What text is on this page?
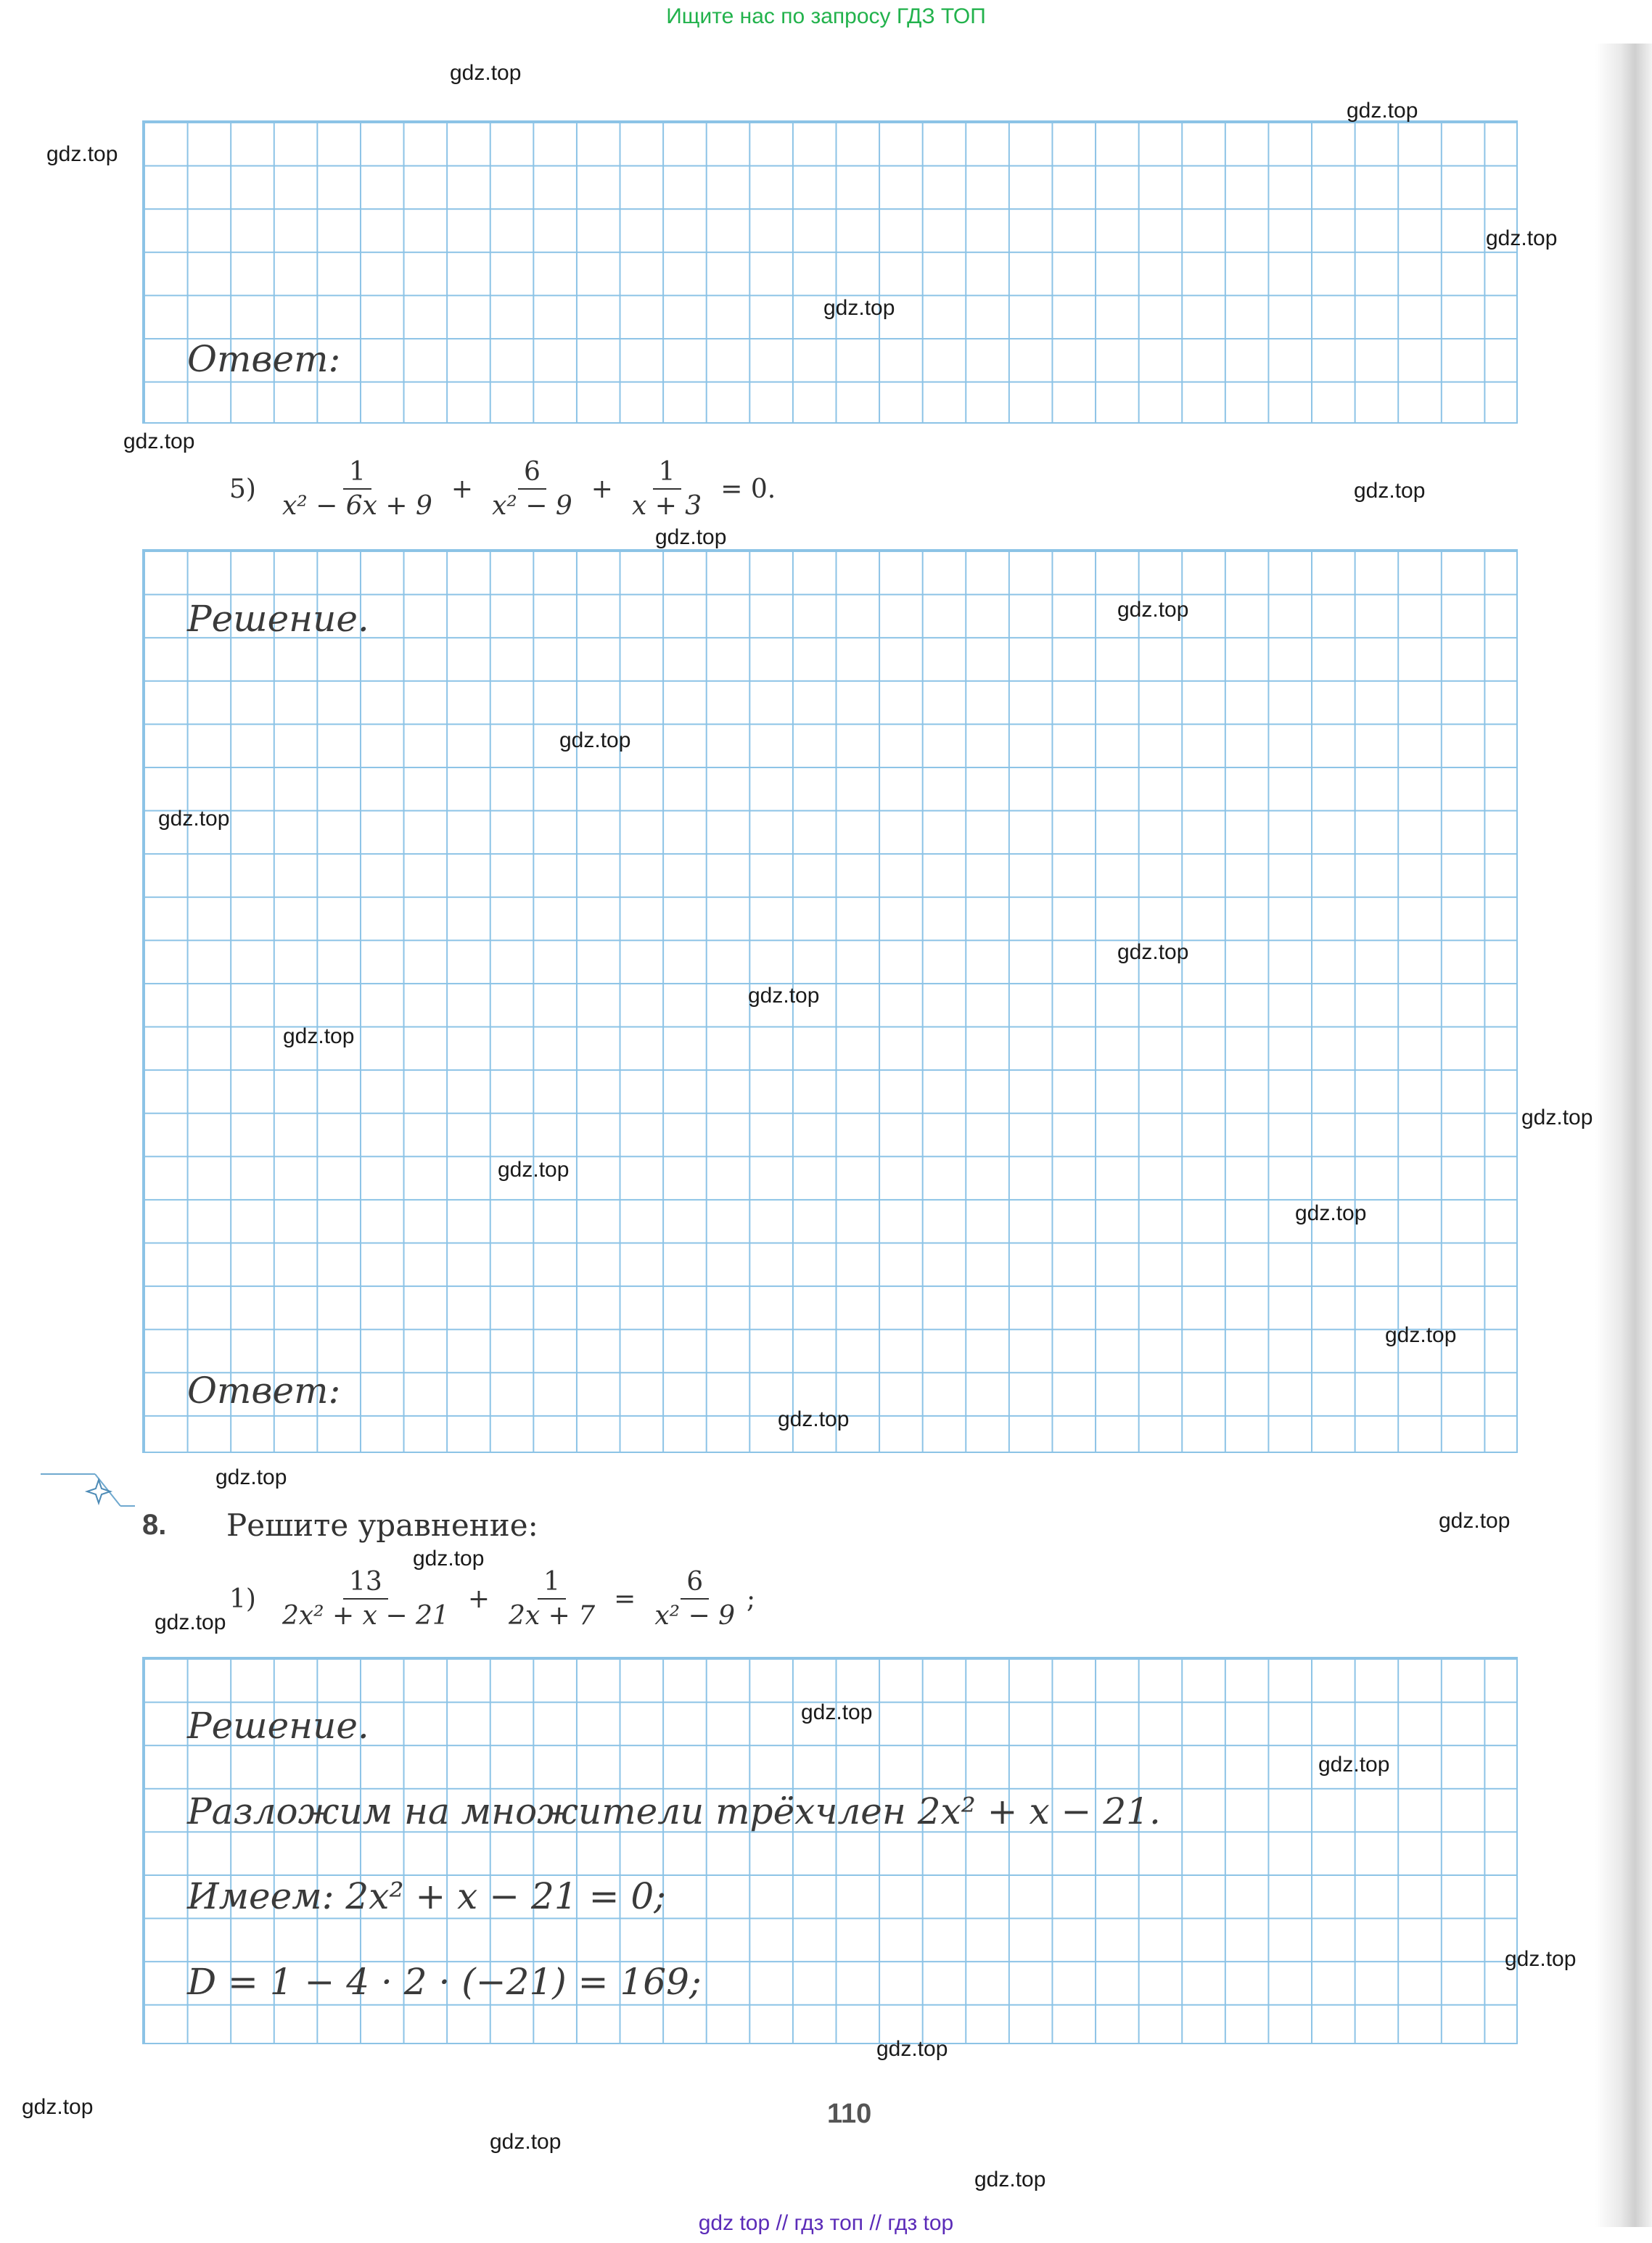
Ищите нас по запросу ГДЗ ТОП
Ответ:
$5) \frac{1}{\text{x² − 6x + 9}} + \frac{6}{\text{x² − 9}} + \frac{1}{x + 3} = 0$.
Решение.
Ответ:
8. Решите уравнение:
$1) \frac{13}{\text{2x² + x − 21}} + \frac{1}{2x + 7} = \frac{6}{\text{x² − 9}}$ ;
Решение.
Разложим на множители трёхчлен 2x² + x − 21.
Имеем: 2x² + x − 21 = 0;
D = 1 − 4 · 2 · (−21) = 169;
110
gdz.top
gdz.top
gdz.top
gdz.top
gdz.top
gdz.top
gdz.top
gdz.top
gdz.top
gdz.top
gdz.top
gdz.top
gdz.top
gdz.top
gdz.top
gdz.top
gdz.top
gdz.top
gdz.top
gdz.top
gdz.top
gdz.top
gdz.top
gdz.top
gdz.top
gdz.top
gdz.top
gdz.top
gdz.top
gdz.top
gdz top // гдз топ // гдз top
